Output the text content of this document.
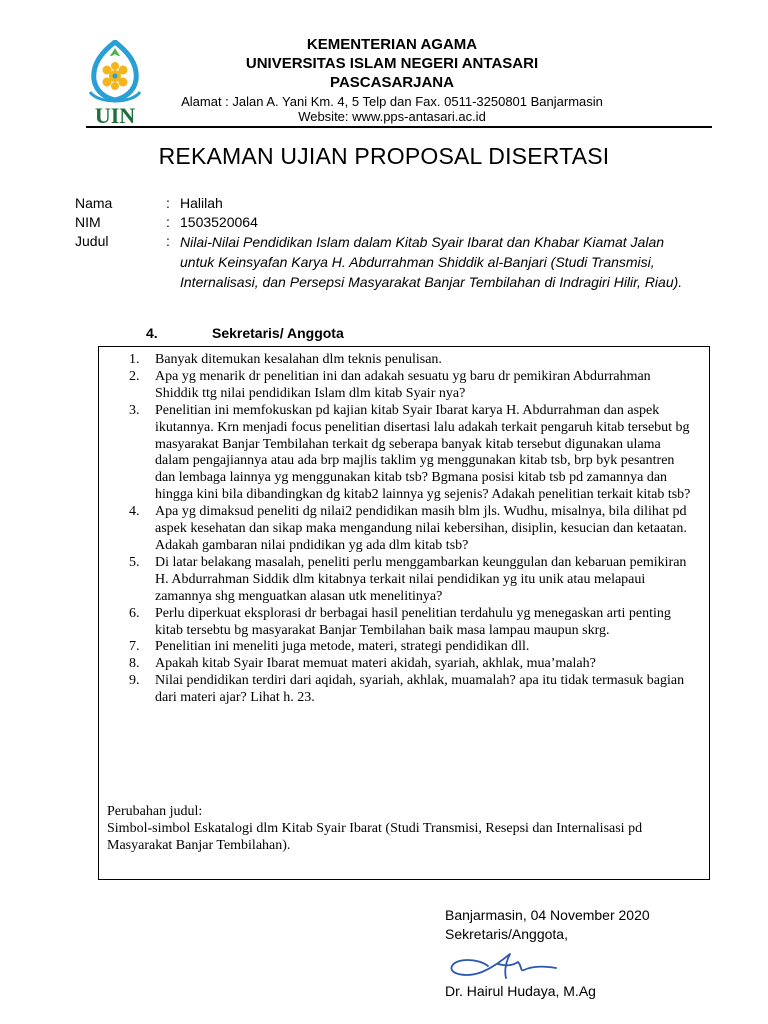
UIN
KEMENTERIAN AGAMA
UNIVERSITAS ISLAM NEGERI ANTASARI
PASCASARJANA
Alamat : Jalan A. Yani Km. 4, 5 Telp dan Fax. 0511-3250801 Banjarmasin
Website: www.pps-antasari.ac.id
REKAMAN UJIAN PROPOSAL DISERTASI
Nama	: Halilah
NIM	: 1503520064
Judul	: Nilai-Nilai Pendidikan Islam dalam Kitab Syair Ibarat dan Khabar Kiamat Jalan untuk Keinsyafan Karya H. Abdurrahman Shiddik al-Banjari (Studi Transmisi, Internalisasi, dan Persepsi Masyarakat Banjar Tembilahan di Indragiri Hilir, Riau).
4.	Sekretaris/ Anggota
1. Banyak ditemukan kesalahan dlm teknis penulisan.
2. Apa yg menarik dr penelitian ini dan adakah sesuatu yg baru dr pemikiran Abdurrahman Shiddik ttg nilai pendidikan Islam dlm kitab Syair nya?
3. Penelitian ini memfokuskan pd kajian kitab Syair Ibarat karya H. Abdurrahman dan aspek ikutannya. Krn menjadi focus penelitian disertasi lalu adakah terkait pengaruh kitab tersebut bg masyarakat Banjar Tembilahan terkait dg seberapa banyak kitab tersebut digunakan ulama dalam pengajiannya atau ada brp majlis taklim yg menggunakan kitab tsb, brp byk pesantren dan lembaga lainnya yg menggunakan kitab tsb? Bgmana posisi kitab tsb pd zamannya dan hingga kini bila dibandingkan dg kitab2 lainnya yg sejenis? Adakah penelitian terkait kitab tsb?
4. Apa yg dimaksud peneliti dg nilai2 pendidikan masih blm jls. Wudhu, misalnya, bila dilihat pd aspek kesehatan dan sikap maka mengandung nilai kebersihan, disiplin, kesucian dan ketaatan. Adakah gambaran nilai pndidikan yg ada dlm kitab tsb?
5. Di latar belakang masalah, peneliti perlu menggambarkan keunggulan dan kebaruan pemikiran H. Abdurrahman Siddik dlm kitabnya terkait nilai pendidikan yg itu unik atau melapaui zamannya shg menguatkan alasan utk menelitinya?
6. Perlu diperkuat eksplorasi dr berbagai hasil penelitian terdahulu yg menegaskan arti penting kitab tersebtu bg masyarakat Banjar Tembilahan baik masa lampau maupun skrg.
7. Penelitian ini meneliti juga metode, materi, strategi pendidikan dll.
8. Apakah kitab Syair Ibarat memuat materi akidah, syariah, akhlak, mua’malah?
9. Nilai pendidikan terdiri dari aqidah, syariah, akhlak, muamalah? apa itu tidak termasuk bagian dari materi ajar? Lihat h. 23.
Perubahan judul:
Simbol-simbol Eskatalogi dlm Kitab Syair Ibarat (Studi Transmisi, Resepsi dan Internalisasi pd Masyarakat Banjar Tembilahan).
Banjarmasin, 04 November 2020
Sekretaris/Anggota,
Dr. Hairul Hudaya, M.Ag
